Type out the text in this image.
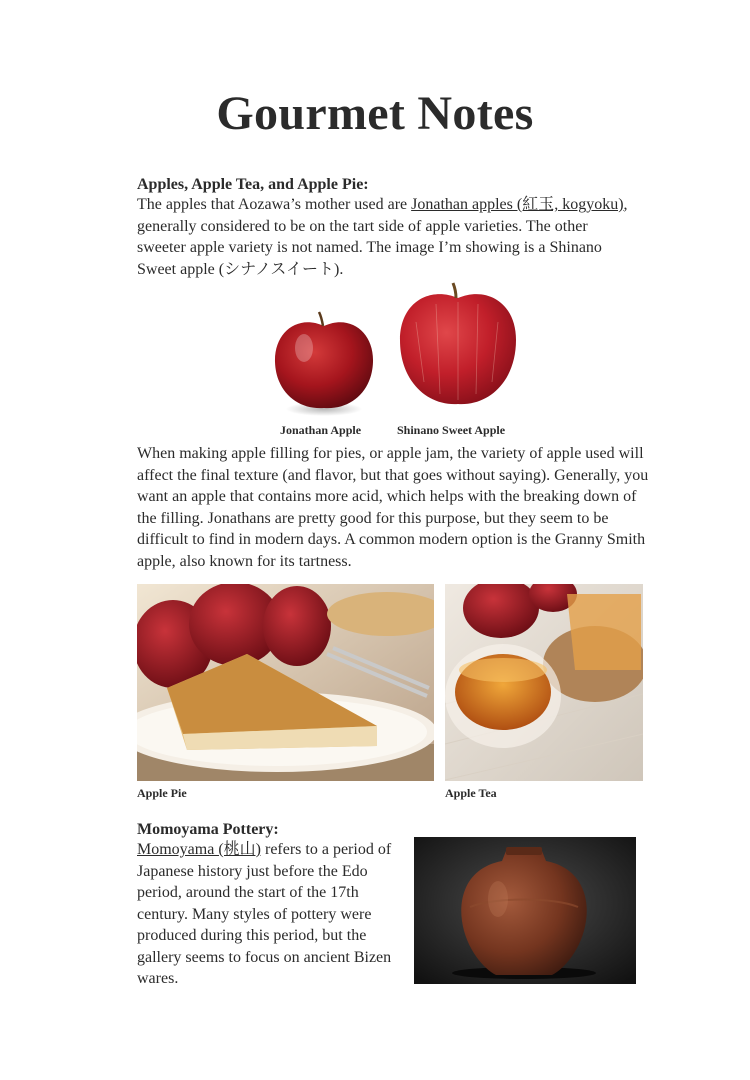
Gourmet Notes
Apples, Apple Tea, and Apple Pie:
The apples that Aozawa’s mother used are Jonathan apples (紅玉, kogyoku), generally considered to be on the tart side of apple varieties. The other sweeter apple variety is not named. The image I’m showing is a Shinano Sweet apple (シナノスイート).
Jonathan Apple	Shinano Sweet Apple
When making apple filling for pies, or apple jam, the variety of apple used will affect the final texture (and flavor, but that goes without saying). Generally, you want an apple that contains more acid, which helps with the breaking down of the filling. Jonathans are pretty good for this purpose, but they seem to be difficult to find in modern days. A common modern option is the Granny Smith apple, also known for its tartness.
Apple Pie	Apple Tea
Momoyama Pottery:
Momoyama (桃山) refers to a period of Japanese history just before the Edo period, around the start of the 17th century. Many styles of pottery were produced during this period, but the gallery seems to focus on ancient Bizen wares.
